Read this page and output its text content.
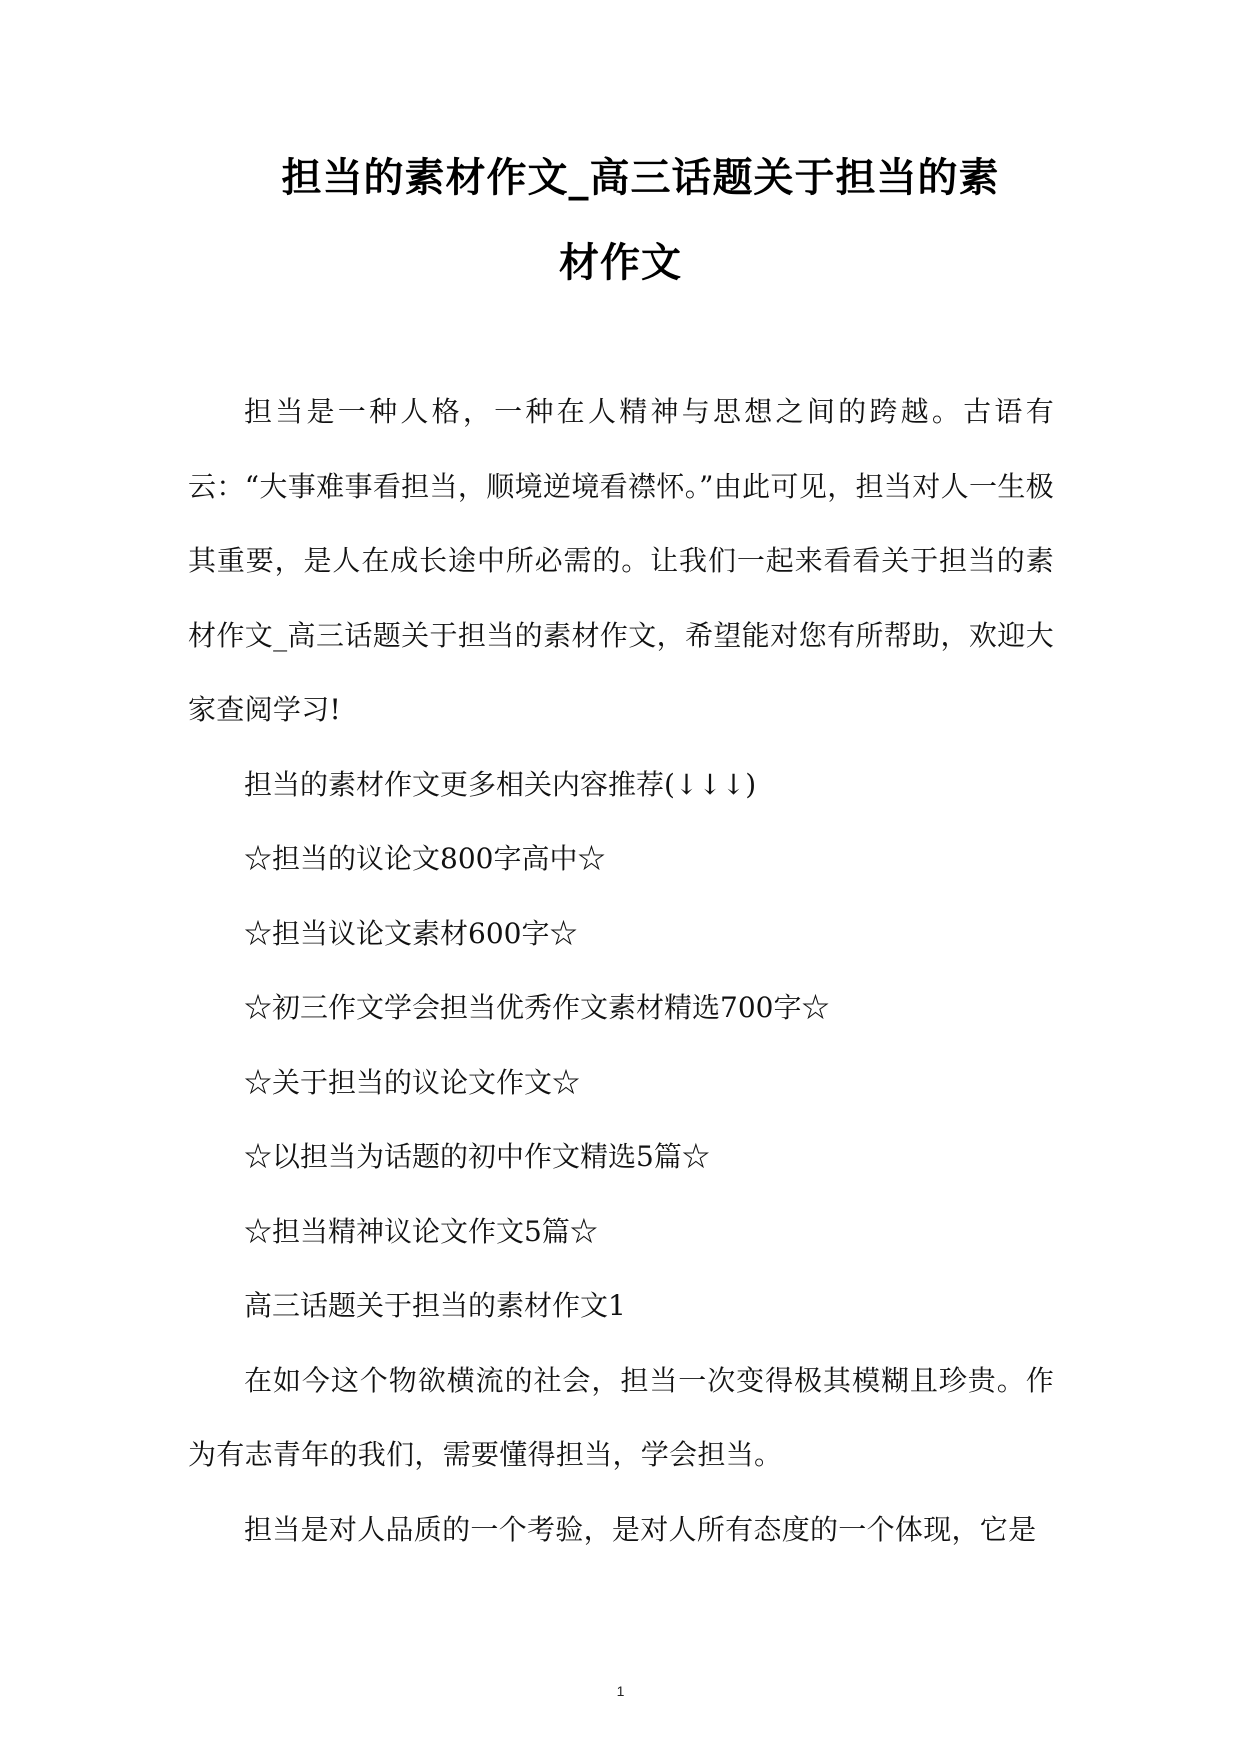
担当的素材作文_高三话题关于担当的素
材作文

担当是一种人格，一种在人精神与思想之间的跨越。古语有云：“大事难事看担当，顺境逆境看襟怀。”由此可见，担当对人一生极其重要，是人在成长途中所必需的。让我们一起来看看关于担当的素材作文_高三话题关于担当的素材作文，希望能对您有所帮助，欢迎大家查阅学习!

担当的素材作文更多相关内容推荐(↓↓↓)

☆担当的议论文800字高中☆

☆担当议论文素材600字☆

☆初三作文学会担当优秀作文素材精选700字☆

☆关于担当的议论文作文☆

☆以担当为话题的初中作文精选5篇☆

☆担当精神议论文作文5篇☆

高三话题关于担当的素材作文1

在如今这个物欲横流的社会，担当一次变得极其模糊且珍贵。作为有志青年的我们，需要懂得担当，学会担当。

担当是对人品质的一个考验，是对人所有态度的一个体现，它是

1
